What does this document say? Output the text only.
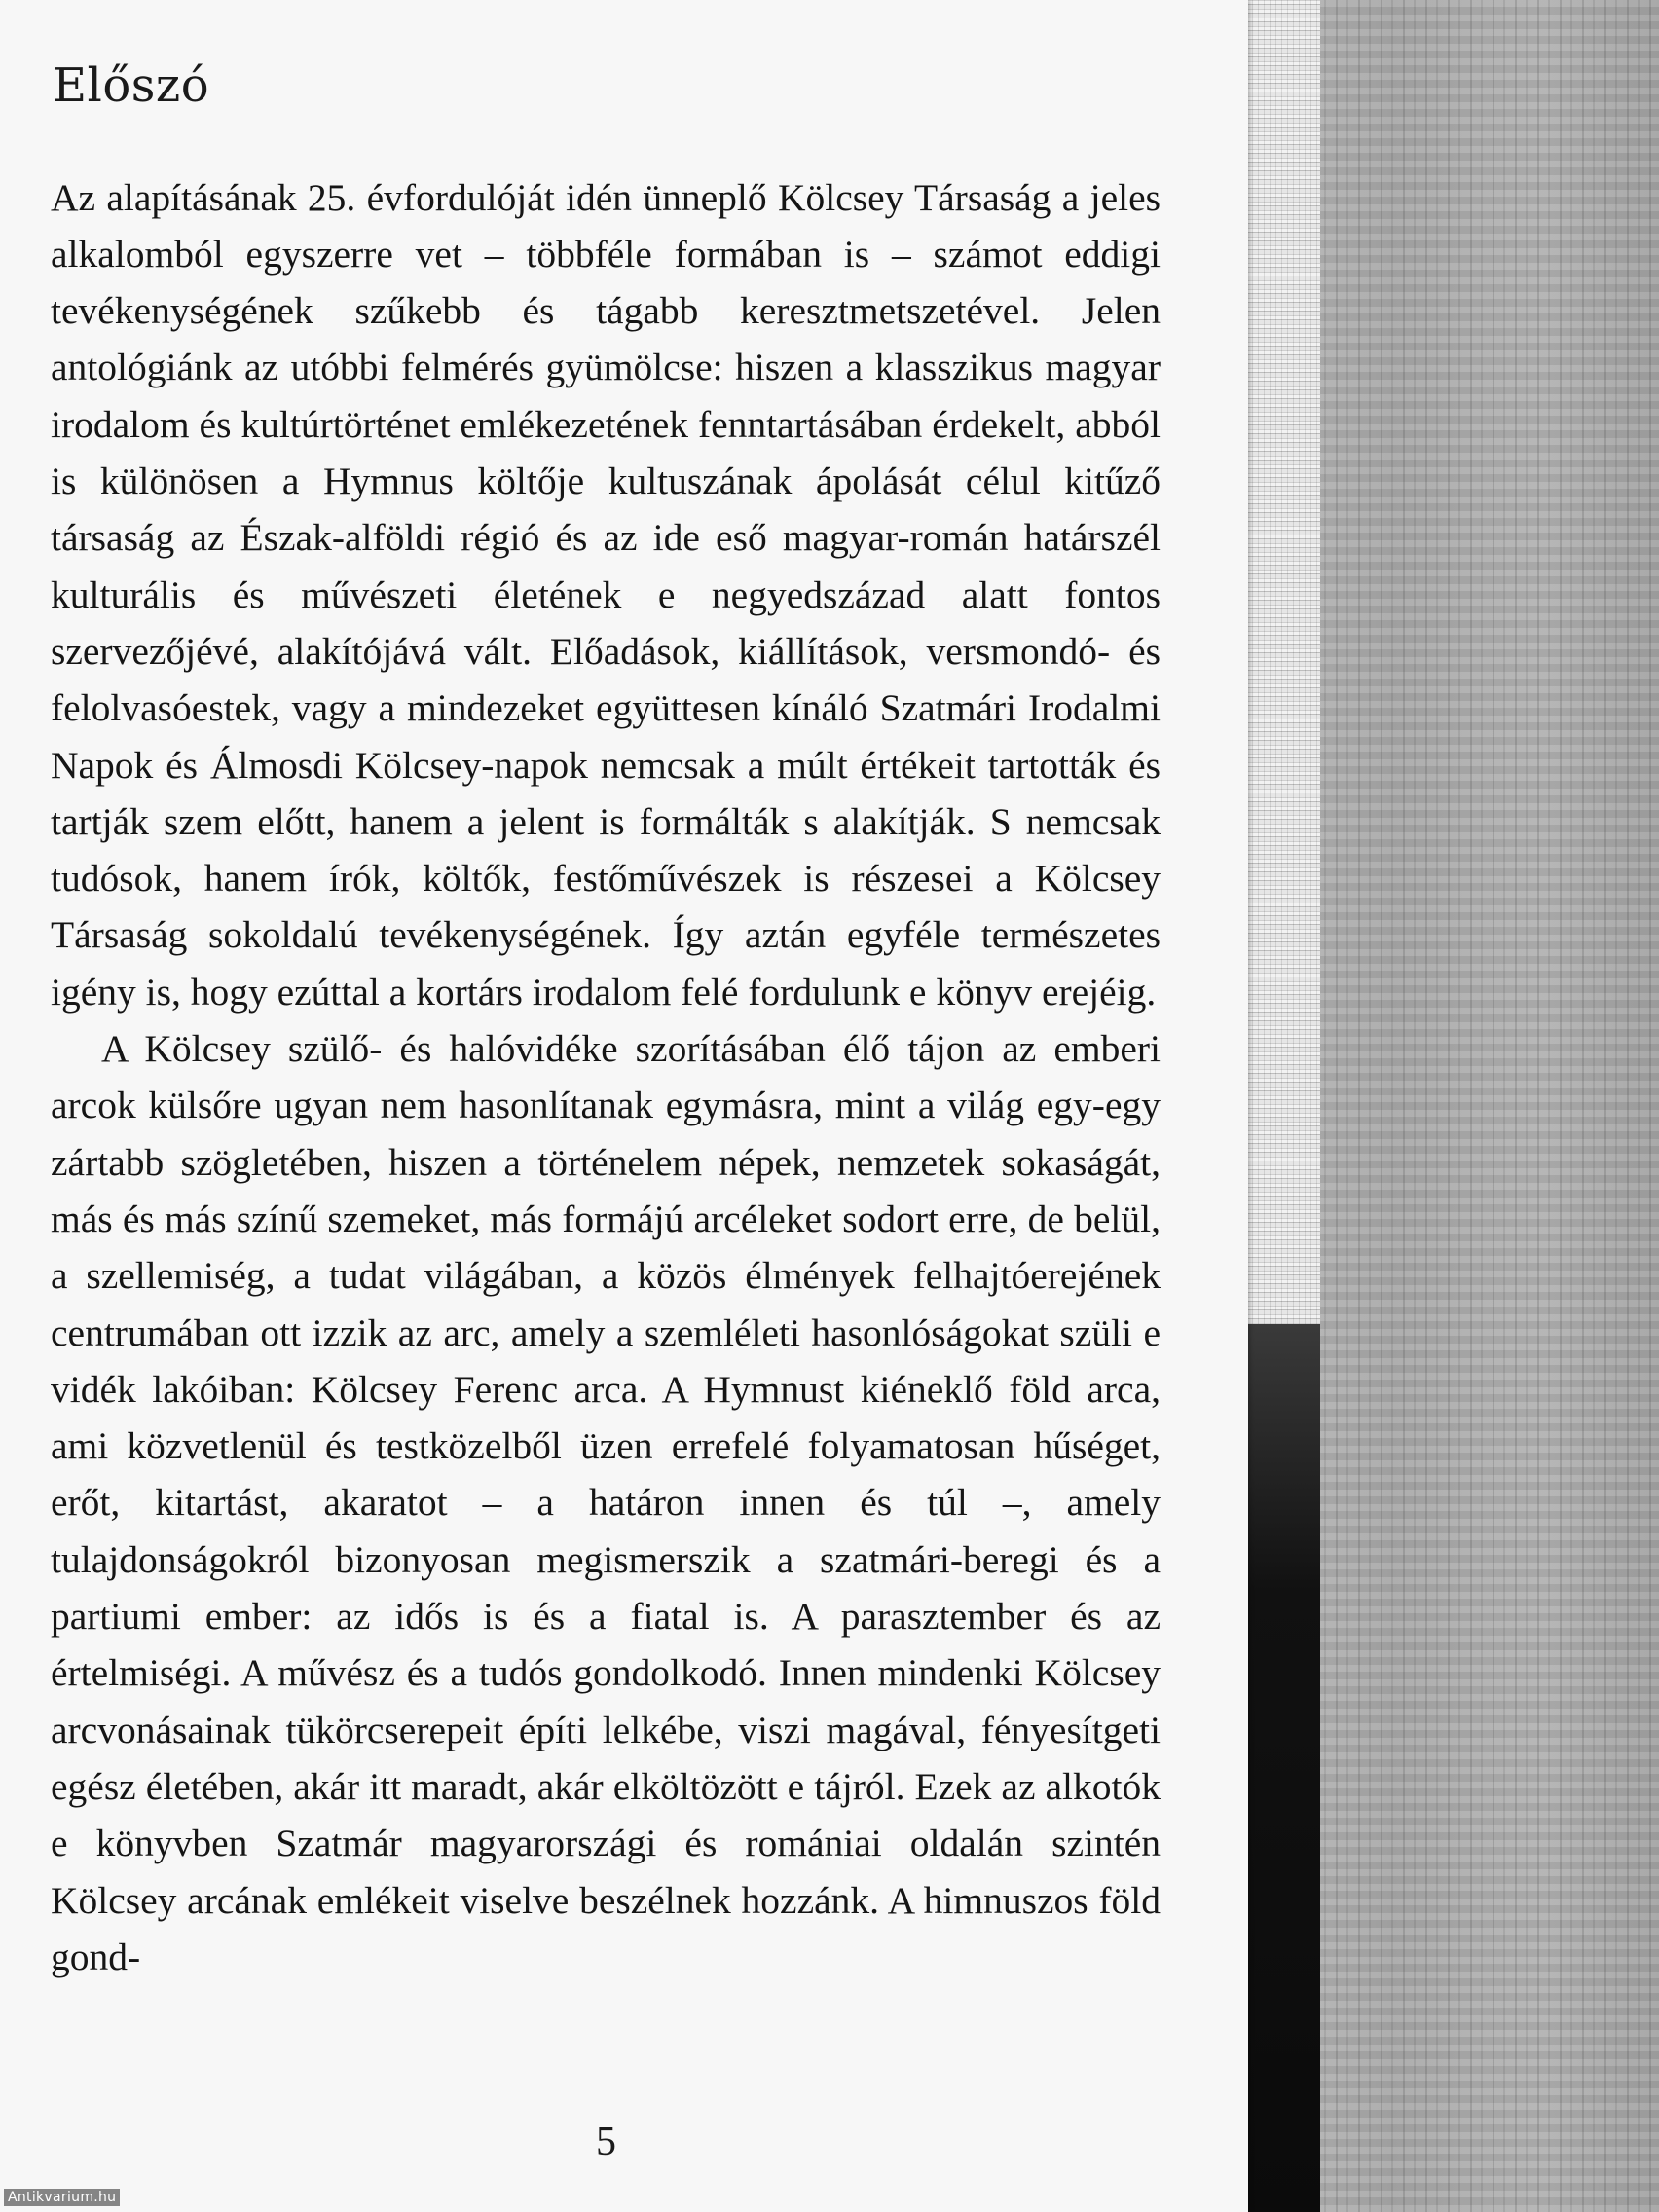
Előszó

Az alapításának 25. évfordulóját idén ünneplő Kölcsey Társaság a jeles alkalomból egyszerre vet – többféle formában is – számot eddigi tevékenységének szűkebb és tágabb keresztmetszetével. Jelen antológiánk az utóbbi felmérés gyümölcse: hiszen a klasszikus magyar irodalom és kultúrtörténet emlékezetének fenntartásában érdekelt, abból is különösen a Hymnus költője kultuszának ápolását célul kitűző társaság az Észak-alföldi régió és az ide eső magyar-román határszél kulturális és művészeti életének e negyedszázad alatt fontos szervezőjévé, alakítójává vált. Előadások, kiállítások, versmondó- és felolvasóestek, vagy a mindezeket együttesen kínáló Szatmári Irodalmi Napok és Álmosdi Kölcsey-napok nemcsak a múlt értékeit tartották és tartják szem előtt, hanem a jelent is formálták s alakítják. S nemcsak tudósok, hanem írók, költők, festőművészek is részesei a Kölcsey Társaság sokoldalú tevékenységének. Így aztán egyféle természetes igény is, hogy ezúttal a kortárs irodalom felé fordulunk e könyv erejéig.

A Kölcsey szülő- és halóvidéke szorításában élő tájon az emberi arcok külsőre ugyan nem hasonlítanak egymásra, mint a világ egy-egy zártabb szögletében, hiszen a történelem népek, nemzetek sokaságát, más és más színű szemeket, más formájú arcéleket sodort erre, de belül, a szellemiség, a tudat világában, a közös élmények felhajtóerejének centrumában ott izzik az arc, amely a szemléleti hasonlóságokat szüli e vidék lakóiban: Kölcsey Ferenc arca. A Hymnust kiéneklő föld arca, ami közvetlenül és testközelből üzen errefelé folyamatosan hűséget, erőt, kitartást, akaratot – a határon innen és túl –, amely tulajdonságokról bizonyosan megismerszik a szatmári-beregi és a partiumi ember: az idős is és a fiatal is. A parasztember és az értelmiségi. A művész és a tudós gondolkodó. Innen mindenki Kölcsey arcvonásainak tükörcserepeit építi lelkébe, viszi magával, fényesítgeti egész életében, akár itt maradt, akár elköltözött e tájról. Ezek az alkotók e könyvben Szatmár magyarországi és romániai oldalán szintén Kölcsey arcának emlékeit viselve beszélnek hozzánk. A himnuszos föld gond-

5
Antikvarium.hu
